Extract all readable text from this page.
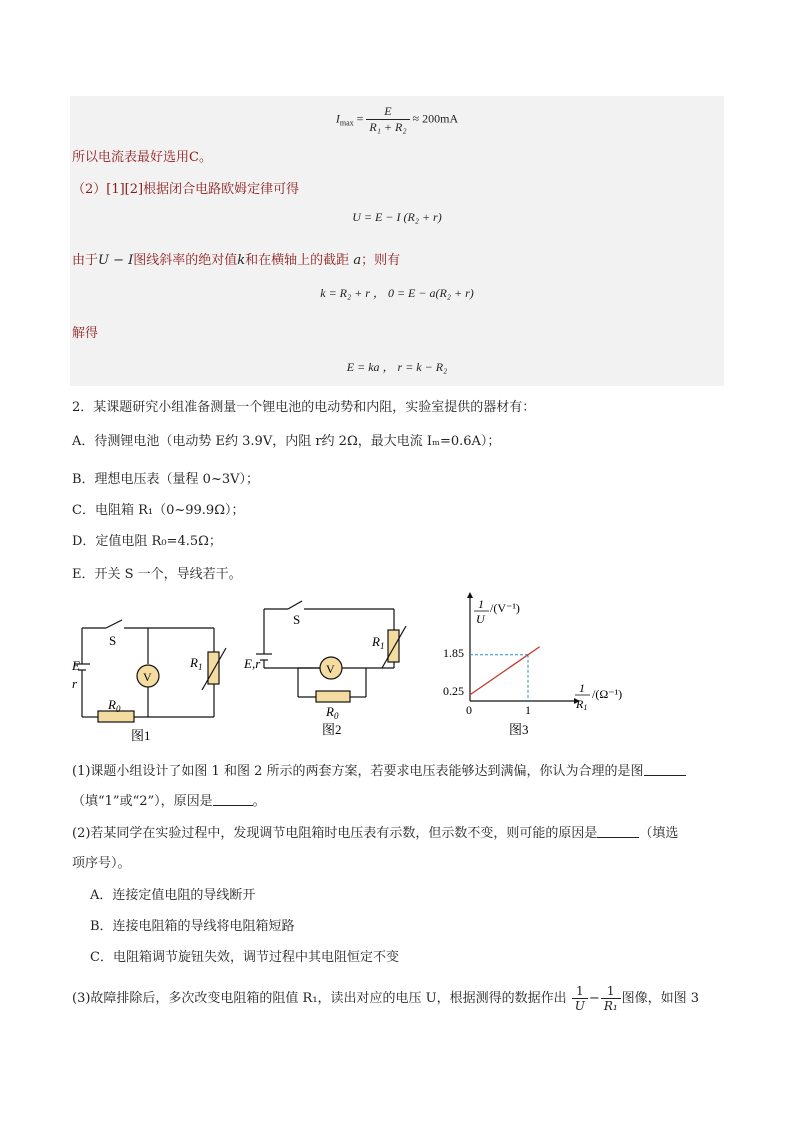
$I_{max} = \frac{E}{\text{R₁ + R₂}} \approx 200mA$
所以电流表最好选用C。
（2）[1][2]根据闭合电路欧姆定律可得
U = E − I (R₂ + r)
由于U − I图线斜率的绝对值k和在横轴上的截距 a；则有
k = R₂ + r ， 0 = E − a(R₂ + r)
解得
E = ka ， r = k − R₂
2．某课题研究小组准备测量一个锂电池的电动势和内阻，实验室提供的器材有：
A．待测锂电池（电动势 E约 3.9V，内阻 r约 2Ω，最大电流 Iₘ=0.6A）；
B．理想电压表（量程 0~3V）；
C．电阻箱 R₁（0~99.9Ω）；
D．定值电阻 R₀=4.5Ω；
E．开关 S 一个，导线若干。
S
E
r	V
$R_1$
$R_0$
图1
S
E,r	V
$R_1$
$R_0$
图2
1
U
/(V⁻¹)
1
R1
/(Ω⁻¹)
0	1
1.85
0.25
图3
(1)课题小组设计了如图 1 和图 2 所示的两套方案，若要求电压表能够达到满偏，你认为合理的是图
（填“1”或“2”），原因是	。
(2)若某同学在实验过程中，发现调节电阻箱时电压表有示数，但示数不变，则可能的原因是	（填选
项序号）。
A．连接定值电阻的导线断开
B．连接电阻箱的导线将电阻箱短路
C．电阻箱调节旋钮失效，调节过程中其电阻恒定不变
(3)故障排除后，多次改变电阻箱的阻值 R₁，读出对应的电压 U，根据测得的数据作出 $\frac{1}{U} - \frac{1}{\text{R₁}}$ 图像，如图 3
